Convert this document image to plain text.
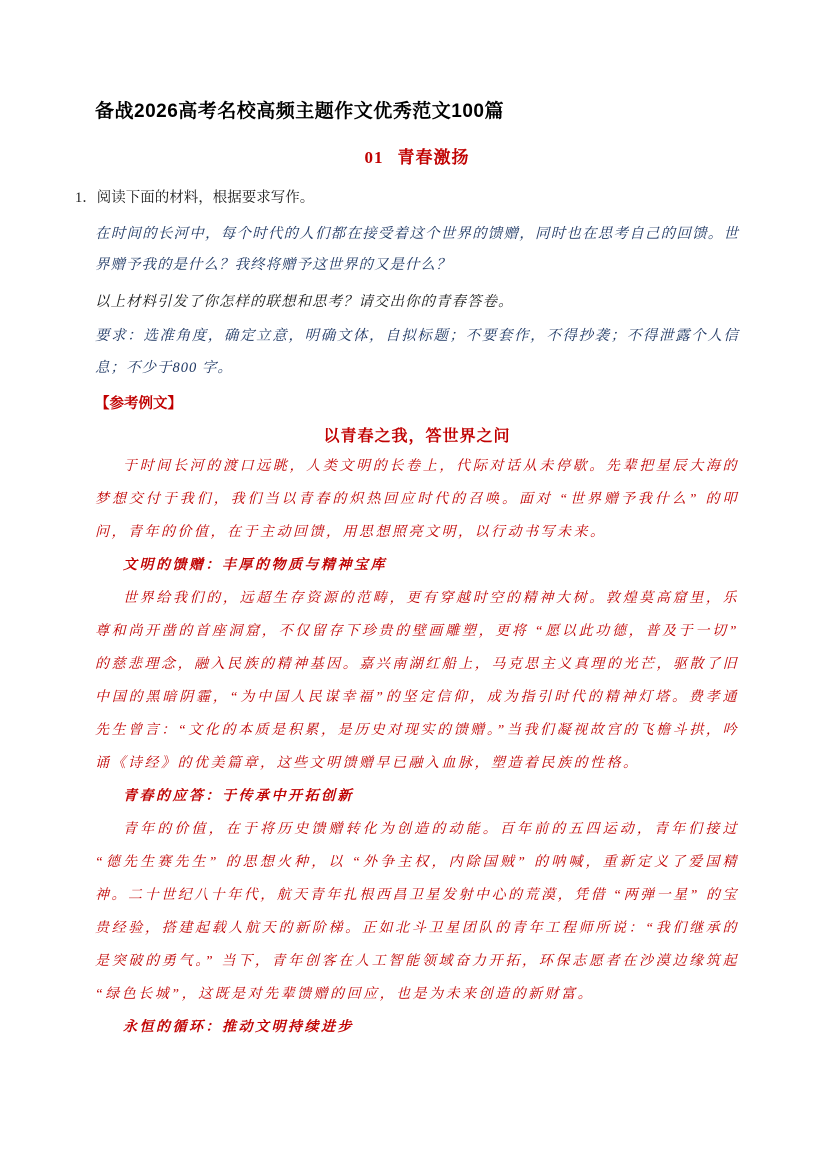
备战2026高考名校高频主题作文优秀范文100篇
01 青春激扬

1．阅读下面的材料，根据要求写作。

在时间的长河中，每个时代的人们都在接受着这个世界的馈赠，同时也在思考自己的回馈。世界赠予我的是什么？我终将赠予这世界的又是什么？

以上材料引发了你怎样的联想和思考？请交出你的青春答卷。

要求：选准角度，确定立意，明确文体，自拟标题；不要套作，不得抄袭；不得泄露个人信息；不少于800 字。

【参考例文】

以青春之我，答世界之问

于时间长河的渡口远眺，人类文明的长卷上，代际对话从未停歇。先辈把星辰大海的梦想交付于我们，我们当以青春的炽热回应时代的召唤。面对 “世界赠予我什么” 的叩问，青年的价值，在于主动回馈，用思想照亮文明，以行动书写未来。

文明的馈赠：丰厚的物质与精神宝库

世界给我们的，远超生存资源的范畴，更有穿越时空的精神大树。敦煌莫高窟里，乐尊和尚开凿的首座洞窟，不仅留存下珍贵的壁画雕塑，更将 “愿以此功德，普及于一切” 的慈悲理念，融入民族的精神基因。嘉兴南湖红船上，马克思主义真理的光芒，驱散了旧中国的黑暗阴霾，“为中国人民谋幸福”的坚定信仰，成为指引时代的精神灯塔。费孝通先生曾言：“文化的本质是积累，是历史对现实的馈赠。”当我们凝视故宫的飞檐斗拱，吟诵《诗经》的优美篇章，这些文明馈赠早已融入血脉，塑造着民族的性格。

青春的应答：于传承中开拓创新

青年的价值，在于将历史馈赠转化为创造的动能。百年前的五四运动，青年们接过 “德先生赛先生” 的思想火种，以 “外争主权，内除国贼” 的呐喊，重新定义了爱国精神。二十世纪八十年代，航天青年扎根西昌卫星发射中心的荒漠，凭借 “两弹一星” 的宝贵经验，搭建起载人航天的新阶梯。正如北斗卫星团队的青年工程师所说：“我们继承的是突破的勇气。” 当下，青年创客在人工智能领域奋力开拓，环保志愿者在沙漠边缘筑起 “绿色长城”，这既是对先辈馈赠的回应，也是为未来创造的新财富。

永恒的循环：推动文明持续进步
